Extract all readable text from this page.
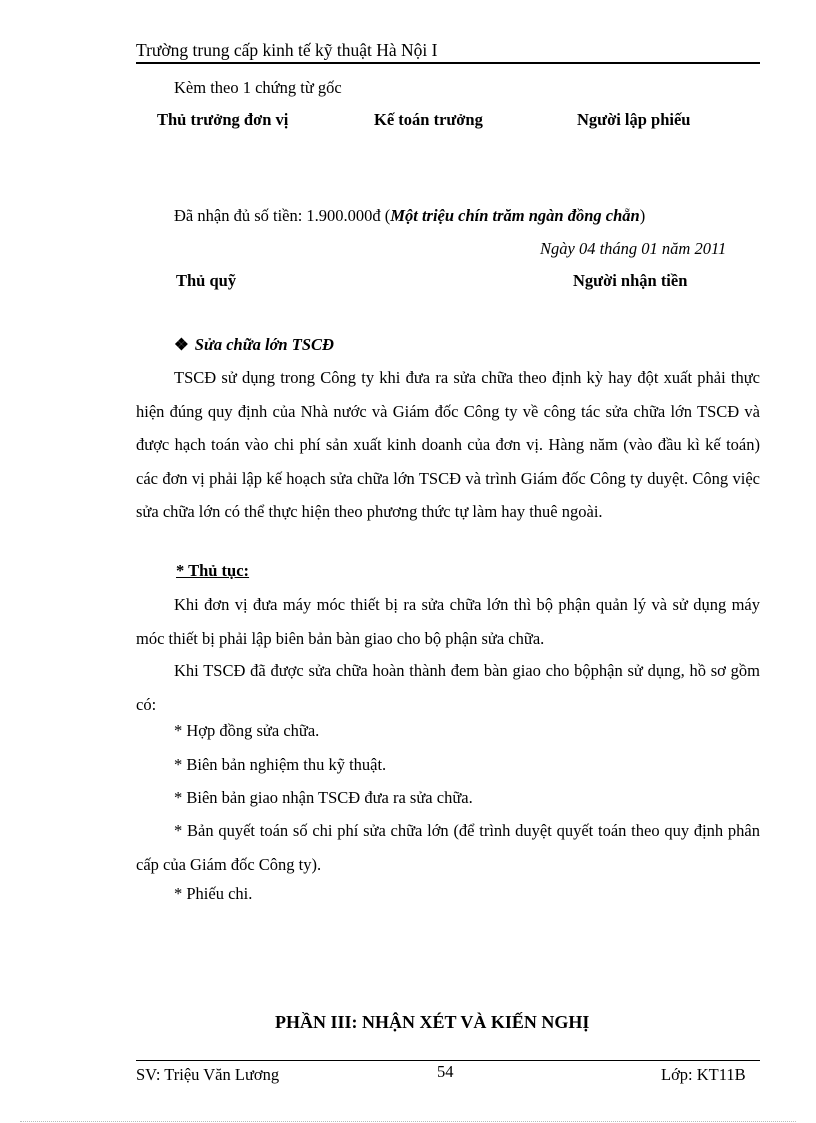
Trường trung cấp kinh tế kỹ thuật Hà Nội I
Kèm theo 1 chứng từ gốc
Thủ trưởng đơn vị	Kế toán trưởng	Người lập phiếu
Đã nhận đủ số tiền: 1.900.000đ (Một triệu chín trăm ngàn đồng chẵn)
Ngày 04 tháng 01 năm 2011
Thủ quỹ	Người nhận tiền
❖ Sửa chữa lớn TSCĐ

TSCĐ sử dụng trong Công ty khi đưa ra sửa chữa theo định kỳ hay đột xuất phải thực hiện đúng quy định của Nhà nước và Giám đốc Công ty về công tác sửa chữa lớn TSCĐ và được hạch toán vào chi phí sản xuất kinh doanh của đơn vị. Hàng năm (vào đầu kì kế toán) các đơn vị phải lập kế hoạch sửa chữa lớn TSCĐ và trình Giám đốc Công ty duyệt. Công việc sửa chữa lớn có thể thực hiện theo phương thức tự làm hay thuê ngoài.

* Thủ tục:

Khi đơn vị đưa máy móc thiết bị ra sửa chữa lớn thì bộ phận quản lý và sử dụng máy móc thiết bị phải lập biên bản bàn giao cho bộ phận sửa chữa.

Khi TSCĐ đã được sửa chữa hoàn thành đem bàn giao cho bộphận sử dụng, hồ sơ gồm có:

* Hợp đồng sửa chữa.
* Biên bản nghiệm thu kỹ thuật.
* Biên bản giao nhận TSCĐ đưa ra sửa chữa.

* Bản quyết toán số chi phí sửa chữa lớn (để trình duyệt quyết toán theo quy định phân cấp của Giám đốc Công ty).

* Phiếu chi.
PHẦN III: NHẬN XÉT VÀ KIẾN NGHỊ
SV: Triệu Văn Lương	54	Lớp: KT11B
